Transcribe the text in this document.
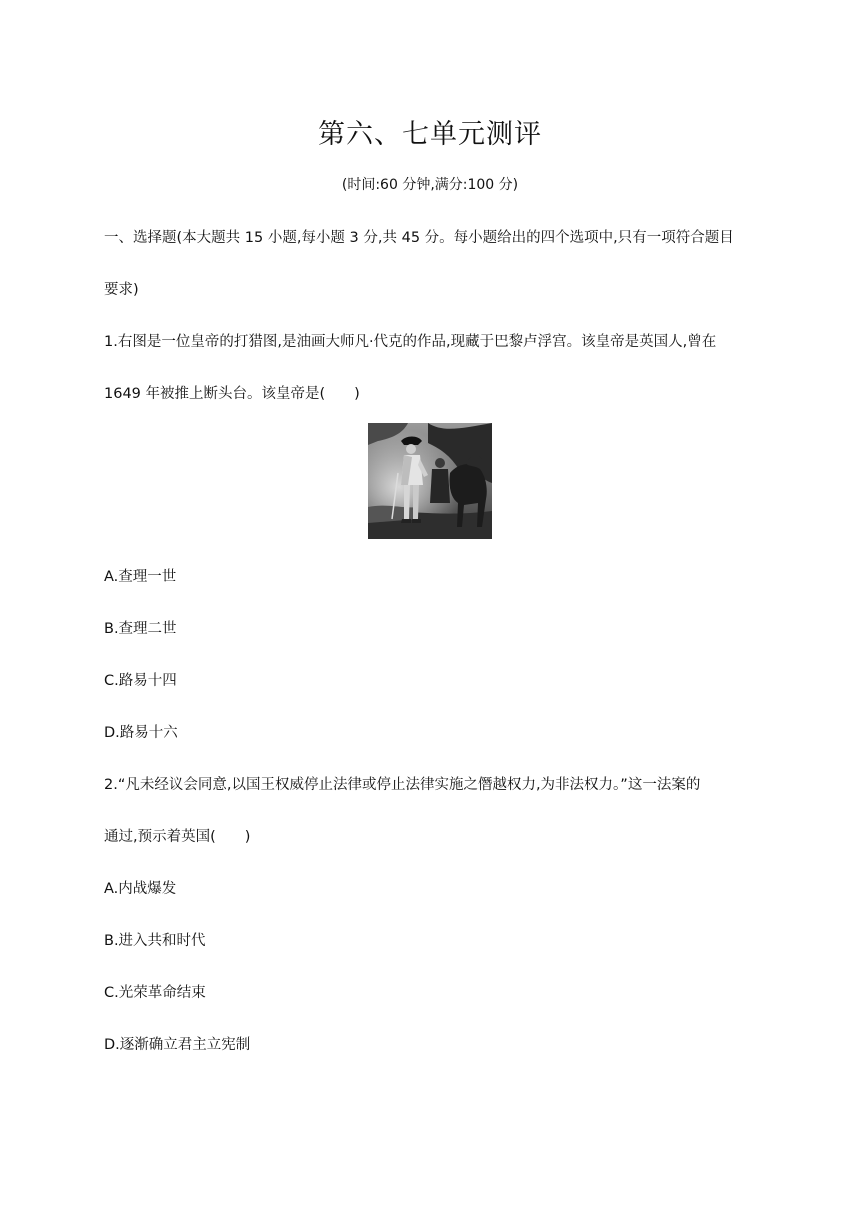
第六、七单元测评
(时间:60 分钟,满分:100 分)
一、选择题(本大题共 15 小题,每小题 3 分,共 45 分。每小题给出的四个选项中,只有一项符合题目
要求)
1.右图是一位皇帝的打猎图,是油画大师凡·代克的作品,现藏于巴黎卢浮宫。该皇帝是英国人,曾在
1649 年被推上断头台。该皇帝是(　　)
A.查理一世
B.查理二世
C.路易十四
D.路易十六
2.“凡未经议会同意,以国王权威停止法律或停止法律实施之僭越权力,为非法权力。”这一法案的
通过,预示着英国(　　)
A.内战爆发
B.进入共和时代
C.光荣革命结束
D.逐渐确立君主立宪制
